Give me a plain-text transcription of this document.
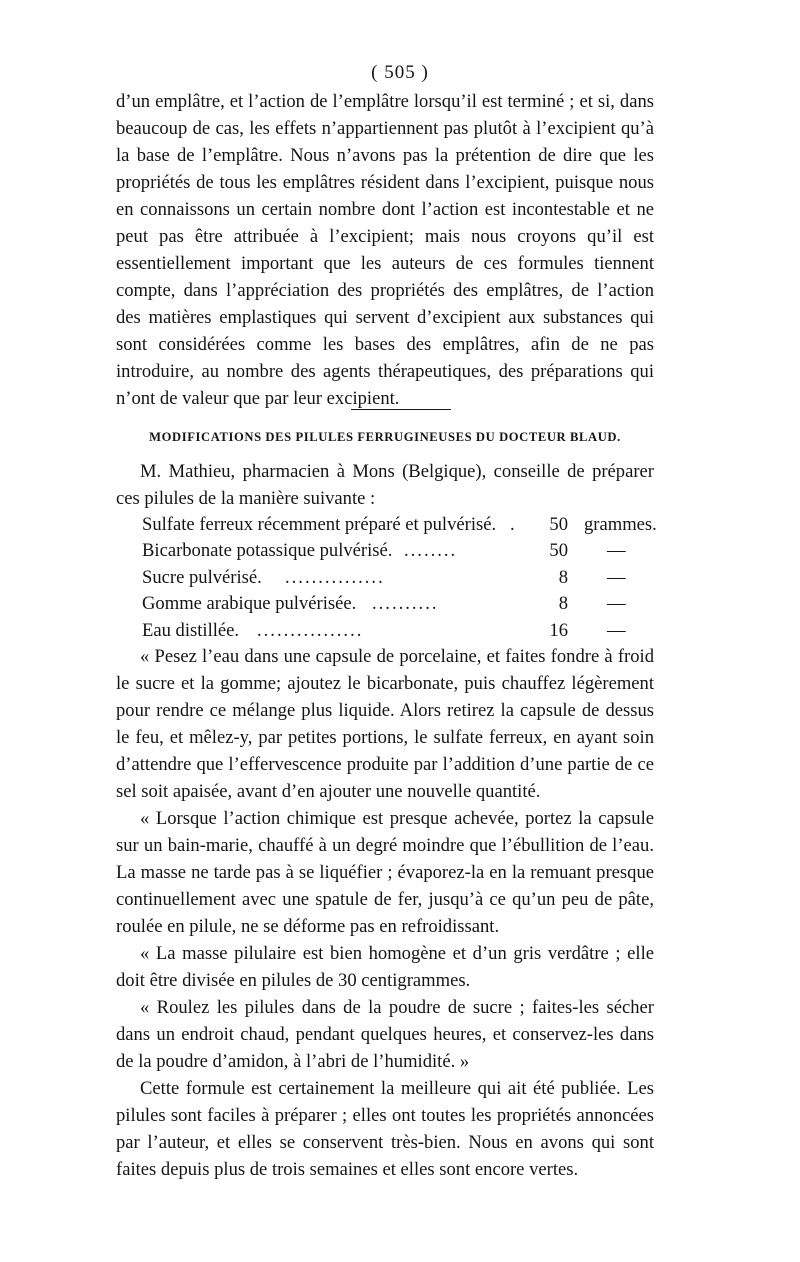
( 505 )

d’un emplâtre, et l’action de l’emplâtre lorsqu’il est terminé ; et si, dans beaucoup de cas, les effets n’appartiennent pas plutôt à l’excipient qu’à la base de l’emplâtre. Nous n’avons pas la prétention de dire que les propriétés de tous les emplâtres résident dans l’excipient, puisque nous en connaissons un certain nombre dont l’action est incontestable et ne peut pas être attribuée à l’excipient; mais nous croyons qu’il est essentiellement important que les auteurs de ces formules tiennent compte, dans l’appréciation des propriétés des emplâtres, de l’action des matières emplastiques qui servent d’excipient aux substances qui sont considérées comme les bases des emplâtres, afin de ne pas introduire, au nombre des agents thérapeutiques, des préparations qui n’ont de valeur que par leur excipient.

MODIFICATIONS DES PILULES FERRUGINEUSES DU DOCTEUR BLAUD.

M. Mathieu, pharmacien à Mons (Belgique), conseille de préparer ces pilules de la manière suivante :

Sulfate ferreux récemment préparé et pulvérisé. .	50 grammes.
Bicarbonate potassique pulvérisé. ........	50 —
Sucre pulvérisé. ...............	8 —
Gomme arabique pulvérisée. ..........	8 —
Eau distillée. ................	16 —

« Pesez l’eau dans une capsule de porcelaine, et faites fondre à froid le sucre et la gomme; ajoutez le bicarbonate, puis chauffez légèrement pour rendre ce mélange plus liquide. Alors retirez la capsule de dessus le feu, et mêlez-y, par petites portions, le sulfate ferreux, en ayant soin d’attendre que l’effervescence produite par l’addition d’une partie de ce sel soit apaisée, avant d’en ajouter une nouvelle quantité.

« Lorsque l’action chimique est presque achevée, portez la capsule sur un bain-marie, chauffé à un degré moindre que l’ébullition de l’eau. La masse ne tarde pas à se liquéfier ; évaporez-la en la remuant presque continuellement avec une spatule de fer, jusqu’à ce qu’un peu de pâte, roulée en pilule, ne se déforme pas en refroidissant.

« La masse pilulaire est bien homogène et d’un gris verdâtre ; elle doit être divisée en pilules de 30 centigrammes.

« Roulez les pilules dans de la poudre de sucre ; faites-les sécher dans un endroit chaud, pendant quelques heures, et conservez-les dans de la poudre d’amidon, à l’abri de l’humidité. »

Cette formule est certainement la meilleure qui ait été publiée. Les pilules sont faciles à préparer ; elles ont toutes les propriétés annoncées par l’auteur, et elles se conservent très-bien. Nous en avons qui sont faites depuis plus de trois semaines et elles sont encore vertes.
